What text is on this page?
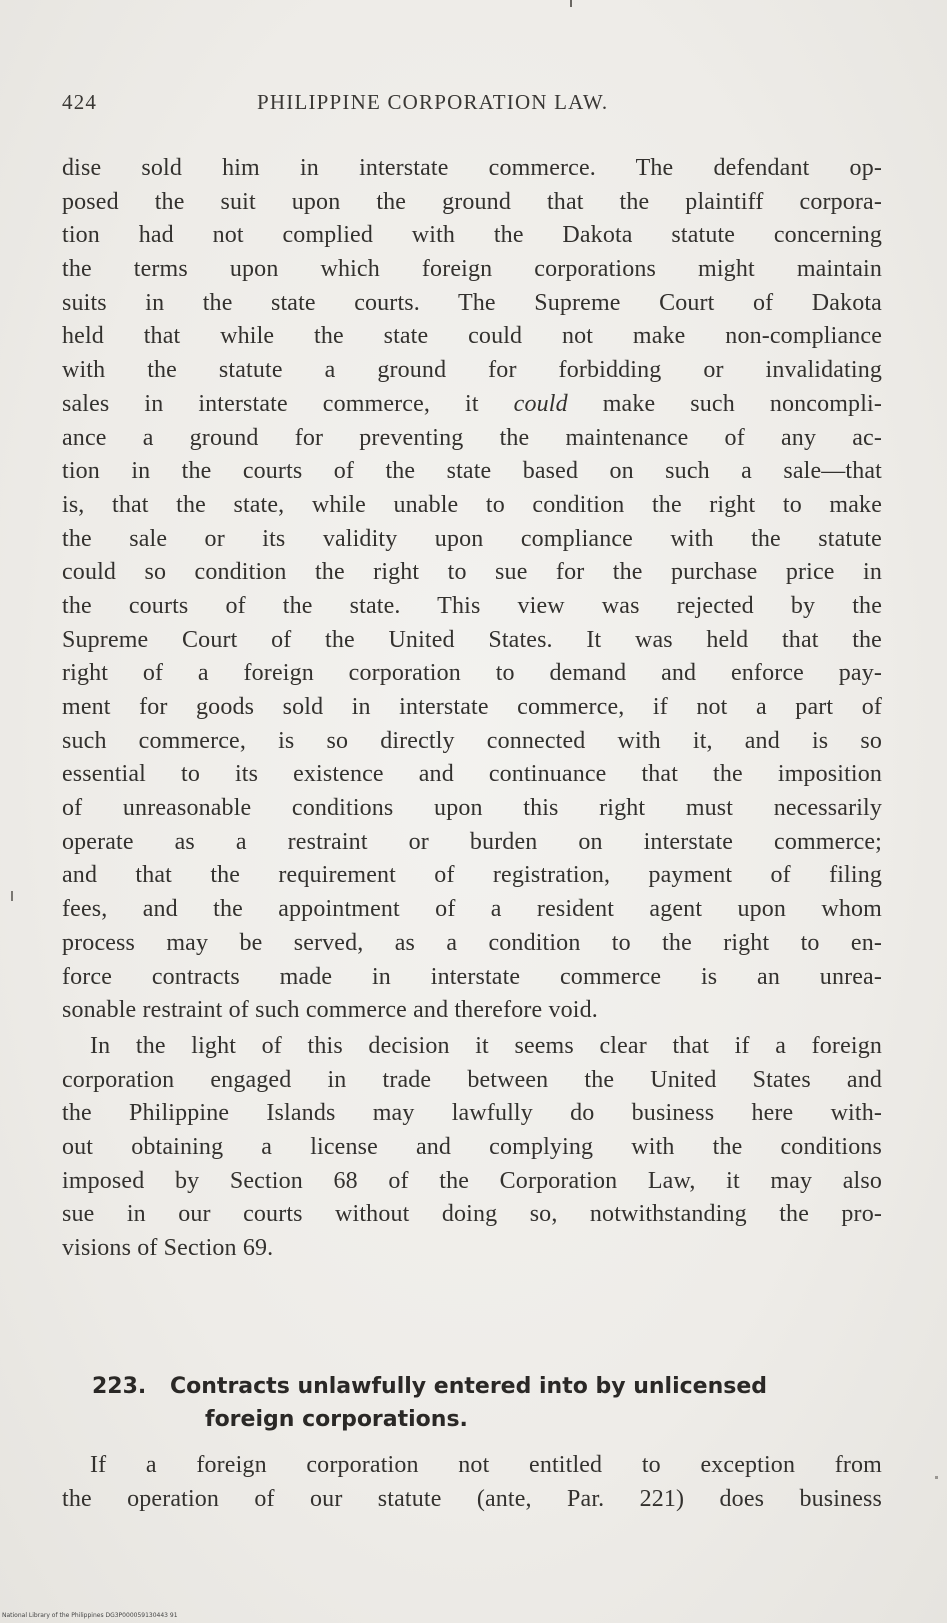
424	PHILIPPINE CORPORATION LAW.
dise sold him in interstate commerce. The defendant op-
posed the suit upon the ground that the plaintiff corpora-
tion had not complied with the Dakota statute concerning
the terms upon which foreign corporations might maintain
suits in the state courts. The Supreme Court of Dakota
held that while the state could not make non-compliance
with the statute a ground for forbidding or invalidating
sales in interstate commerce, it could make such noncompli-
ance a ground for preventing the maintenance of any ac-
tion in the courts of the state based on such a sale—that
is, that the state, while unable to condition the right to make
the sale or its validity upon compliance with the statute
could so condition the right to sue for the purchase price in
the courts of the state. This view was rejected by the
Supreme Court of the United States. It was held that the
right of a foreign corporation to demand and enforce pay-
ment for goods sold in interstate commerce, if not a part of
such commerce, is so directly connected with it, and is so
essential to its existence and continuance that the imposition
of unreasonable conditions upon this right must necessarily
operate as a restraint or burden on interstate commerce;
and that the requirement of registration, payment of filing
fees, and the appointment of a resident agent upon whom
process may be served, as a condition to the right to en-
force contracts made in interstate commerce is an unrea-
sonable restraint of such commerce and therefore void.
In the light of this decision it seems clear that if a foreign
corporation engaged in trade between the United States and
the Philippine Islands may lawfully do business here with-
out obtaining a license and complying with the conditions
imposed by Section 68 of the Corporation Law, it may also
sue in our courts without doing so, notwithstanding the pro-
visions of Section 69.
223. Contracts unlawfully entered into by unlicensed
foreign corporations.
If a foreign corporation not entitled to exception from
the operation of our statute (ante, Par. 221) does business
National Library of the Philippines DG3P000059130443 91
